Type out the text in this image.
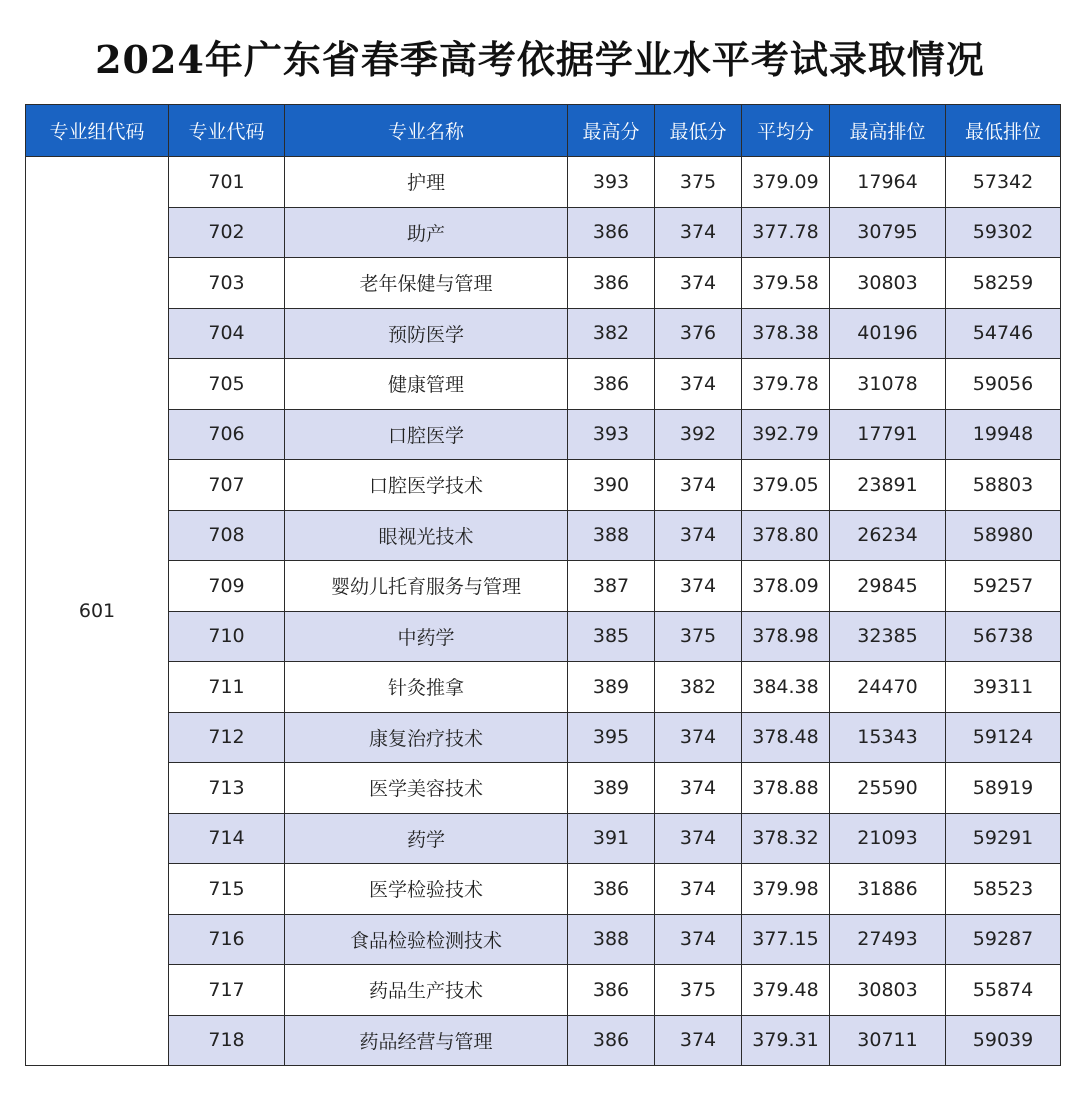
2024年广东省春季高考依据学业水平考试录取情况
专业组代码	专业代码	专业名称	最高分	最低分	平均分	最高排位	最低排位
601	701	护理	393	375	379.09	17964	57342
	702	助产	386	374	377.78	30795	59302
	703	老年保健与管理	386	374	379.58	30803	58259
	704	预防医学	382	376	378.38	40196	54746
	705	健康管理	386	374	379.78	31078	59056
	706	口腔医学	393	392	392.79	17791	19948
	707	口腔医学技术	390	374	379.05	23891	58803
	708	眼视光技术	388	374	378.80	26234	58980
	709	婴幼儿托育服务与管理	387	374	378.09	29845	59257
	710	中药学	385	375	378.98	32385	56738
	711	针灸推拿	389	382	384.38	24470	39311
	712	康复治疗技术	395	374	378.48	15343	59124
	713	医学美容技术	389	374	378.88	25590	58919
	714	药学	391	374	378.32	21093	59291
	715	医学检验技术	386	374	379.98	31886	58523
	716	食品检验检测技术	388	374	377.15	27493	59287
	717	药品生产技术	386	375	379.48	30803	55874
	718	药品经营与管理	386	374	379.31	30711	59039
